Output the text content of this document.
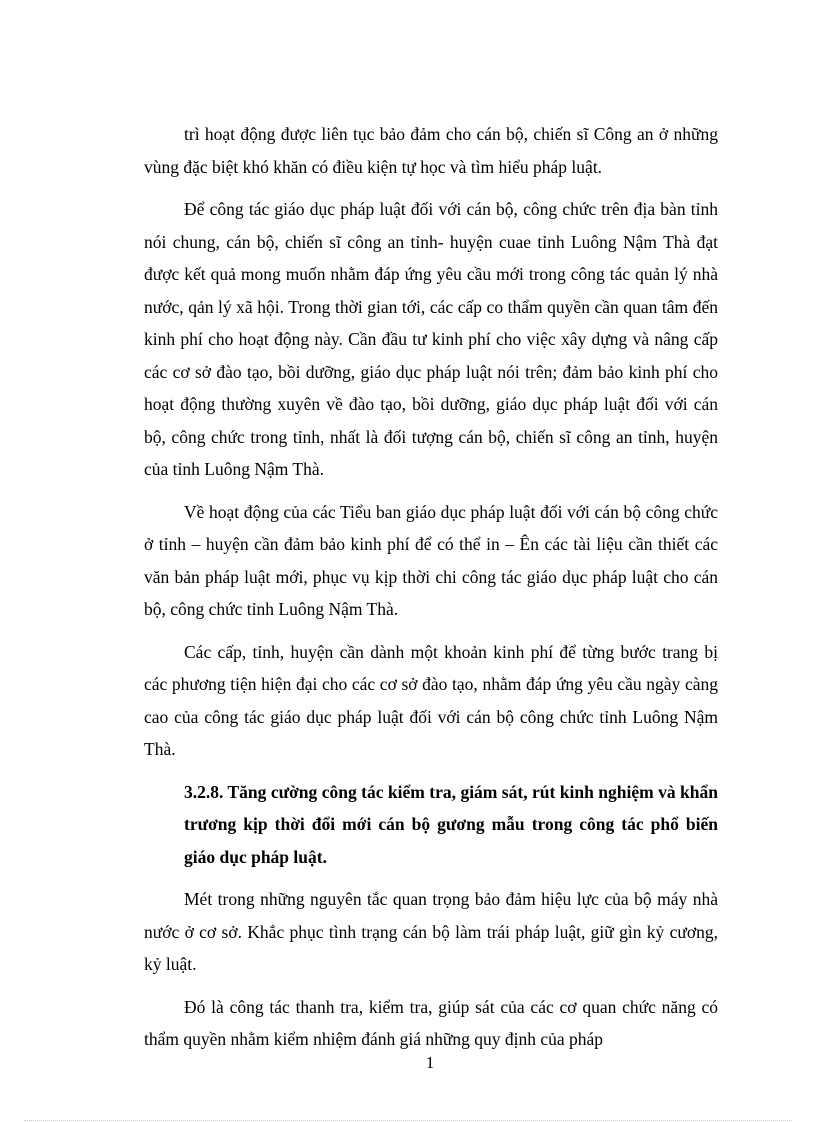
trì hoạt động được liên tục bảo đảm cho cán bộ, chiến sĩ Công an ở những vùng đặc biệt khó khăn có điều kiện tự học và tìm hiểu pháp luật.

Để công tác giáo dục pháp luật đối với cán bộ, công chức trên địa bàn tỉnh nói chung, cán bộ, chiến sĩ công an tỉnh- huyện cuae tỉnh Luông Nậm Thà đạt được kết quả mong muốn nhằm đáp ứng yêu cầu mới trong công tác quản lý nhà nước, qản lý xã hội. Trong thời gian tới, các cấp co thẩm quyền cần quan tâm đến kinh phí cho hoạt động này. Cần đầu tư kinh phí cho việc xây dựng và nâng cấp các cơ sở đào tạo, bồi dưỡng, giáo dục pháp luật nói trên; đảm bảo kinh phí cho hoạt động thường xuyên về đào tạo, bồi dưỡng, giáo dục pháp luật đối với cán bộ, công chức trong tỉnh, nhất là đối tượng cán bộ, chiến sĩ công an tỉnh, huyện của tỉnh Luông Nậm Thà.

Về hoạt động của các Tiểu ban giáo dục pháp luật đối với cán bộ công chức ở tỉnh – huyện cần đảm bảo kinh phí để có thể in – Ên các tài liệu cần thiết các văn bản pháp luật mới, phục vụ kịp thời chi công tác giáo dục pháp luật cho cán bộ, công chức tỉnh Luông Nậm Thà.

Các cấp, tỉnh, huyện cần dành một khoản kinh phí để từng bước trang bị các phương tiện hiện đại cho các cơ sở đào tạo, nhằm đáp ứng yêu cầu ngày càng cao của công tác giáo dục pháp luật đối với cán bộ công chức tỉnh Luông Nậm Thà.

3.2.8. Tăng cường công tác kiểm tra, giám sát, rút kinh nghiệm và khẩn trương kịp thời đổi mới cán bộ gương mẫu trong công tác phổ biến giáo dục pháp luật.

Mét trong những nguyên tắc quan trọng bảo đảm hiệu lực của bộ máy nhà nước ở cơ sở. Khắc phục tình trạng cán bộ làm trái pháp luật, giữ gìn kỷ cương, kỷ luật.

Đó là công tác thanh tra, kiểm tra, giúp sát của các cơ quan chức năng có thẩm quyền nhằm kiểm nhiệm đánh giá những quy định của pháp

1
